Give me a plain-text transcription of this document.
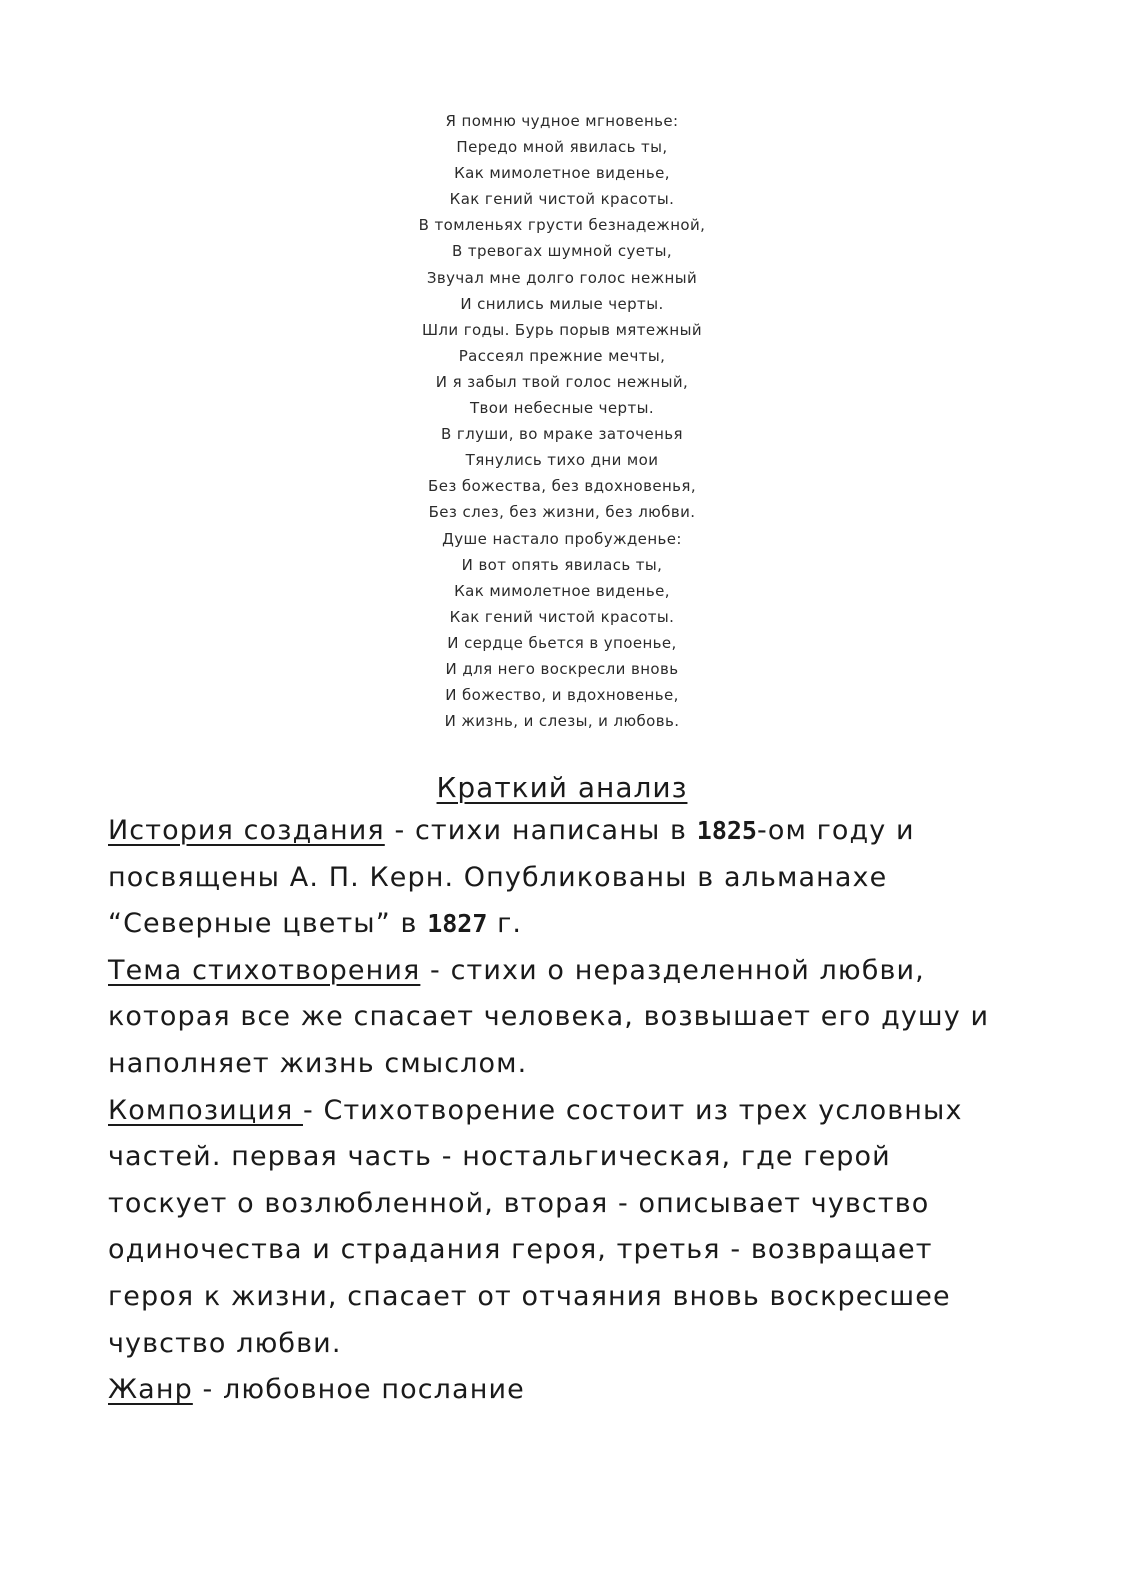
Я помню чудное мгновенье:
Передо мной явилась ты,
Как мимолетное виденье,
Как гений чистой красоты.
В томленьях грусти безнадежной,
В тревогах шумной суеты,
Звучал мне долго голос нежный
И снились милые черты.
Шли годы. Бурь порыв мятежный
Рассеял прежние мечты,
И я забыл твой голос нежный,
Твои небесные черты.
В глуши, во мраке заточенья
Тянулись тихо дни мои
Без божества, без вдохновенья,
Без слез, без жизни, без любви.
Душе настало пробужденье:
И вот опять явилась ты,
Как мимолетное виденье,
Как гений чистой красоты.
И сердце бьется в упоенье,
И для него воскресли вновь
И божество, и вдохновенье,
И жизнь, и слезы, и любовь.
Краткий анализ
История создания - стихи написаны в 1825-ом году и
посвящены А. П. Керн. Опубликованы в альманахе
“Северные цветы” в 1827 г.
Тема стихотворения - стихи о неразделенной любви,
которая все же спасает человека, возвышает его душу и
наполняет жизнь смыслом.
Композиция - Стихотворение состоит из трех условных
частей. первая часть - ностальгическая, где герой
тоскует о возлюбленной, вторая - описывает чувство
одиночества и страдания героя, третья - возвращает
героя к жизни, спасает от отчаяния вновь воскресшее
чувство любви.
Жанр - любовное послание
